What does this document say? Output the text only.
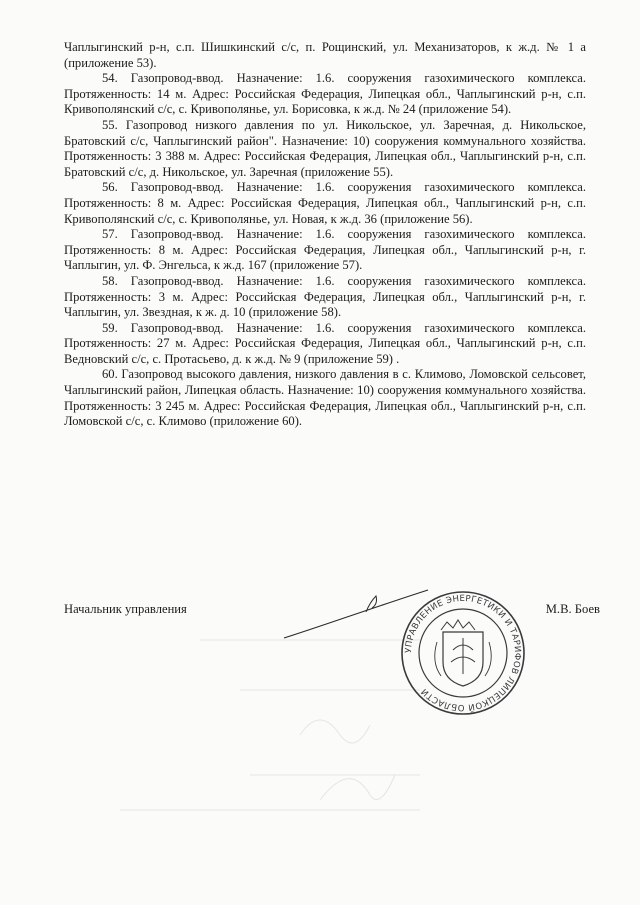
Чаплыгинский р-н, с.п. Шишкинский с/с, п. Рощинский, ул. Механизаторов, к ж.д. № 1 а (приложение 53).

54. Газопровод-ввод. Назначение: 1.6. сооружения газохимического комплекса. Протяженность: 14 м. Адрес: Российская Федерация, Липецкая обл., Чаплыгинский р-н, с.п. Кривополянский с/с, с. Кривополянье, ул. Борисовка, к ж.д. № 24 (приложение 54).

55. Газопровод низкого давления по ул. Никольское, ул. Заречная, д. Никольское, Братовский с/с, Чаплыгинский район". Назначение: 10) сооружения коммунального хозяйства. Протяженность: 3 388 м. Адрес: Российская Федерация, Липецкая обл., Чаплыгинский р-н, с.п. Братовский с/с, д. Никольское, ул. Заречная (приложение 55).

56. Газопровод-ввод. Назначение: 1.6. сооружения газохимического комплекса. Протяженность: 8 м. Адрес: Российская Федерация, Липецкая обл., Чаплыгинский р-н, с.п. Кривополянский с/с, с. Кривополянье, ул. Новая, к ж.д. 36 (приложение 56).

57. Газопровод-ввод. Назначение: 1.6. сооружения газохимического комплекса. Протяженность: 8 м. Адрес: Российская Федерация, Липецкая обл., Чаплыгинский р-н, г. Чаплыгин, ул. Ф. Энгельса, к ж.д. 167 (приложение 57).

58. Газопровод-ввод. Назначение: 1.6. сооружения газохимического комплекса. Протяженность: 3 м. Адрес: Российская Федерация, Липецкая обл., Чаплыгинский р-н, г. Чаплыгин, ул. Звездная, к ж. д. 10 (приложение 58).

59. Газопровод-ввод. Назначение: 1.6. сооружения газохимического комплекса. Протяженность: 27 м. Адрес: Российская Федерация, Липецкая обл., Чаплыгинский р-н, с.п. Ведновский с/с, с. Протасьево, д. к ж.д. № 9 (приложение 59) .

60. Газопровод высокого давления, низкого давления в с. Климово, Ломовской сельсовет, Чаплыгинский район, Липецкая область. Назначение: 10) сооружения коммунального хозяйства. Протяженность: 3 245 м. Адрес: Российская Федерация, Липецкая обл., Чаплыгинский р-н, с.п. Ломовской с/с, с. Климово (приложение 60).

Начальник управления	М.В. Боев
УПРАВЛЕНИЕ ЭНЕРГЕТИКИ И ТАРИФОВ ЛИПЕЦКОЙ ОБЛАСТИ
